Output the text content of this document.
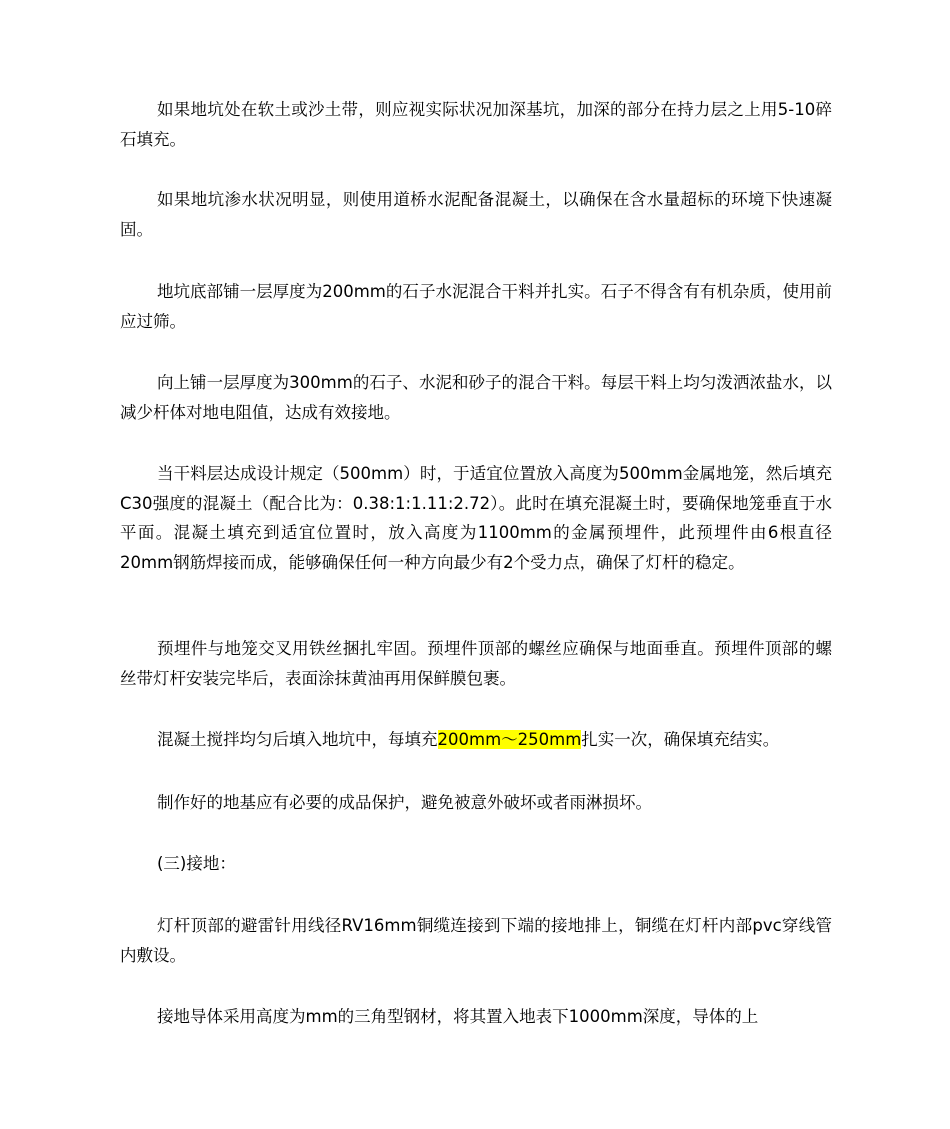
如果地坑处在软土或沙土带，则应视实际状况加深基坑，加深的部分在持力层之上用5-10碎石填充。

如果地坑渗水状况明显，则使用道桥水泥配备混凝土，以确保在含水量超标的环境下快速凝固。

地坑底部铺一层厚度为200mm的石子水泥混合干料并扎实。石子不得含有有机杂质，使用前应过筛。

向上铺一层厚度为300mm的石子、水泥和砂子的混合干料。每层干料上均匀泼洒浓盐水，以减少杆体对地电阻值，达成有效接地。

当干料层达成设计规定（500mm）时，于适宜位置放入高度为500mm金属地笼，然后填充C30强度的混凝土（配合比为：0.38:1:1.11:2.72）。此时在填充混凝土时，要确保地笼垂直于水平面。混凝土填充到适宜位置时，放入高度为1100mm的金属预埋件，此预埋件由6根直径20mm钢筋焊接而成，能够确保任何一种方向最少有2个受力点，确保了灯杆的稳定。

预埋件与地笼交叉用铁丝捆扎牢固。预埋件顶部的螺丝应确保与地面垂直。预埋件顶部的螺丝带灯杆安装完毕后，表面涂抹黄油再用保鲜膜包裹。

混凝土搅拌均匀后填入地坑中，每填充200mm～250mm扎实一次，确保填充结实。

制作好的地基应有必要的成品保护，避免被意外破坏或者雨淋损坏。

(三)接地：

灯杆顶部的避雷针用线径RV16mm铜缆连接到下端的接地排上，铜缆在灯杆内部pvc穿线管内敷设。

接地导体采用高度为mm的三角型钢材，将其置入地表下1000mm深度，导体的上
